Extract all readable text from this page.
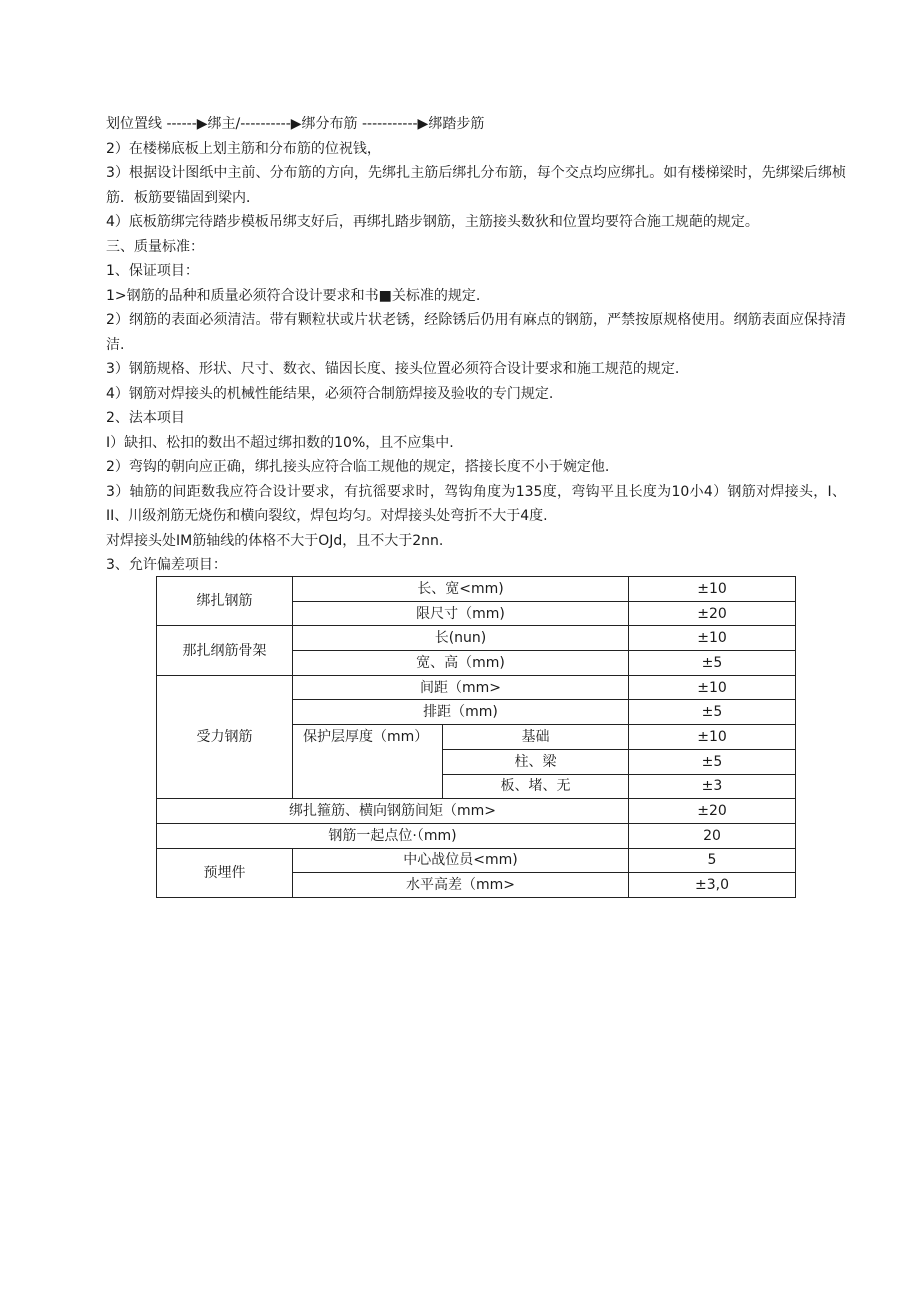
划位置线 ------▶绑主/----------▶绑分布筋 -----------▶绑踏步筋
2）在楼梯底板上划主筋和分布筋的位祝钱，
3）根据设计图纸中主前、分布筋的方向，先绑扎主筋后绑扎分布筋，每个交点均应绑扎。如有楼梯梁时，先绑梁后绑桢筋．板筋要锚固到梁内．
4）底板筋绑完待踏步模板吊绑支好后，再绑扎踏步钢筋，主筋接头数狄和位置均要符合施工规葩的规定。
三、质量标准：
1、保证项目：
1>钢筋的品种和质量必须符合设计要求和书■关标准的规定.
2）纲筋的表面必须清洁。带有颗粒状或片状老锈，经除锈后仍用有麻点的钢筋，严禁按原规格使用。纲筋表面应保持清洁.
3）钢筋规格、形状、尺寸、数衣、锚因长度、接头位置必须符合设计要求和施工规范的规定.
4）钢筋对焊接头的机械性能结果，必须符合制筋焊接及验收的专门规定.
2、法本项目
I）缺扣、松扣的数出不超过绑扣数的10%，且不应集中.
2）弯钩的朝向应正确，绑扎接头应符合临工规他的规定，搭接长度不小于婉定他.
3）轴筋的间距数我应符合设计要求，有抗徭要求时，驾钩角度为135度，弯钩平且长度为10小4）钢筋对焊接头，I、II、川级剂筋无烧伤和横向裂纹，焊包均匀。对焊接头处弯折不大于4度.
对焊接头处IM筋轴线的体格不大于OJd，且不大于2nn.
3、允许偏差项目：
绑扎钢筋	长、宽<mm)		±10
	限尺寸（mm)		±20
那扎纲筋骨架	长(nun)		±10
	宽、高（mm)		±5
受力钢筋	间距（mm>		±10
	排距（mm)		±5
	保护层厚度（mm）	基础	±10
		柱、梁	±5
		板、堵、无	±3
绑扎箍筋、横向钢筋间矩（mm>			±20
钢筋一起点位·（mm)			20
预埋件	中心战位员<mm)		5
	水平高差（mm>		±3,0
